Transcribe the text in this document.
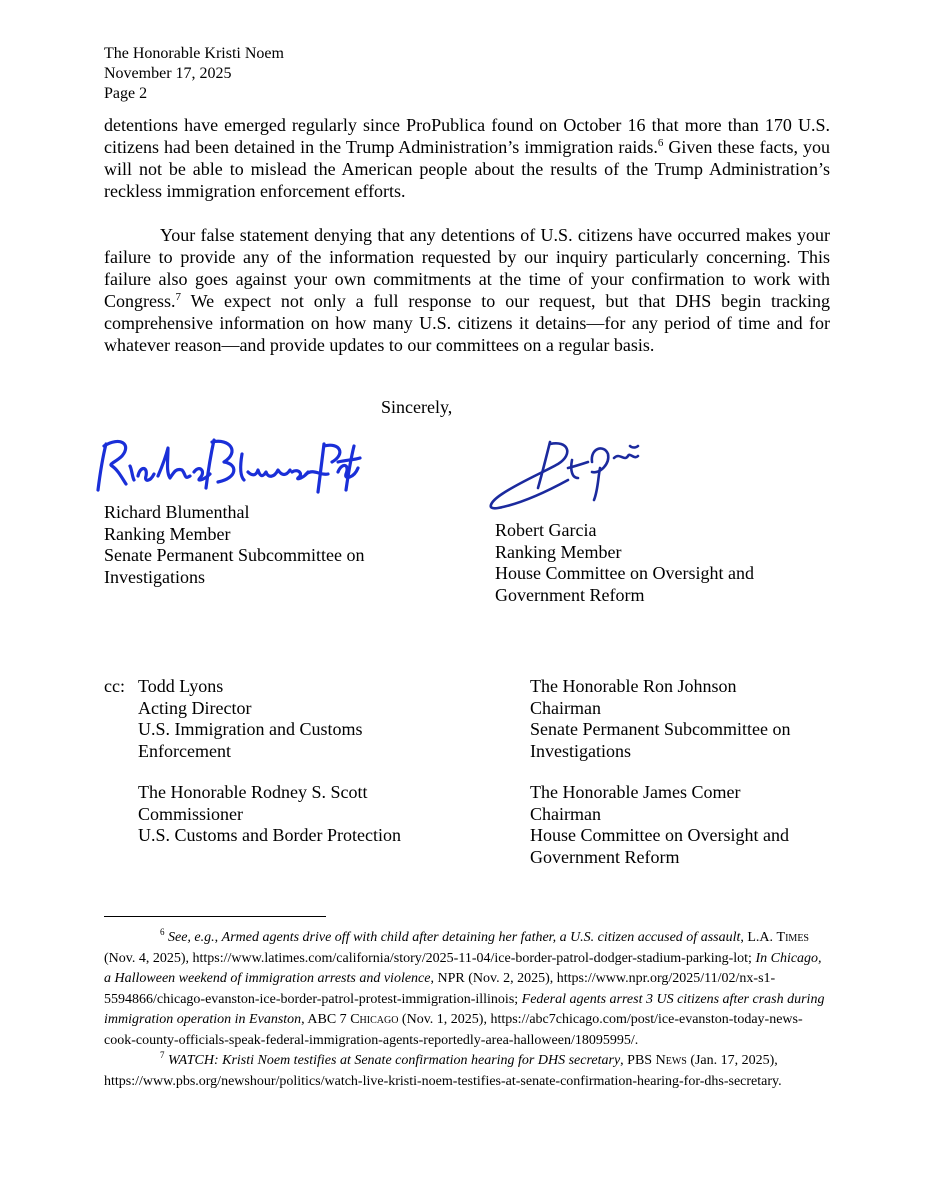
The Honorable Kristi Noem
November 17, 2025
Page 2
detentions have emerged regularly since ProPublica found on October 16 that more than 170 U.S. citizens had been detained in the Trump Administration’s immigration raids.$^6$ Given these facts, you will not be able to mislead the American people about the results of the Trump Administration’s reckless immigration enforcement efforts.
Your false statement denying that any detentions of U.S. citizens have occurred makes your failure to provide any of the information requested by our inquiry particularly concerning. This failure also goes against your own commitments at the time of your confirmation to work with Congress.$^7$ We expect not only a full response to our request, but that DHS begin tracking comprehensive information on how many U.S. citizens it detains—for any period of time and for whatever reason—and provide updates to our committees on a regular basis.
Sincerely,
Richard Blumenthal
Ranking Member
Senate Permanent Subcommittee on
Investigations
Robert Garcia
Ranking Member
House Committee on Oversight and
Government Reform
cc: Todd Lyons
Acting Director
U.S. Immigration and Customs
Enforcement
The Honorable Rodney S. Scott
Commissioner
U.S. Customs and Border Protection
The Honorable Ron Johnson
Chairman
Senate Permanent Subcommittee on
Investigations
The Honorable James Comer
Chairman
House Committee on Oversight and
Government Reform
$^6$ See, e.g., Armed agents drive off with child after detaining her father, a U.S. citizen accused of assault, L.A. Times (Nov. 4, 2025), https://www.latimes.com/california/story/2025-11-04/ice-border-patrol-dodger-stadium-parking-lot; In Chicago, a Halloween weekend of immigration arrests and violence, NPR (Nov. 2, 2025), https://www.npr.org/2025/11/02/nx-s1-5594866/chicago-evanston-ice-border-patrol-protest-immigration-illinois; Federal agents arrest 3 US citizens after crash during immigration operation in Evanston, ABC 7 Chicago (Nov. 1, 2025), https://abc7chicago.com/post/ice-evanston-today-news-cook-county-officials-speak-federal-immigration-agents-reportedly-area-halloween/18095995/.
$^7$ WATCH: Kristi Noem testifies at Senate confirmation hearing for DHS secretary, PBS News (Jan. 17, 2025), https://www.pbs.org/newshour/politics/watch-live-kristi-noem-testifies-at-senate-confirmation-hearing-for-dhs-secretary.
